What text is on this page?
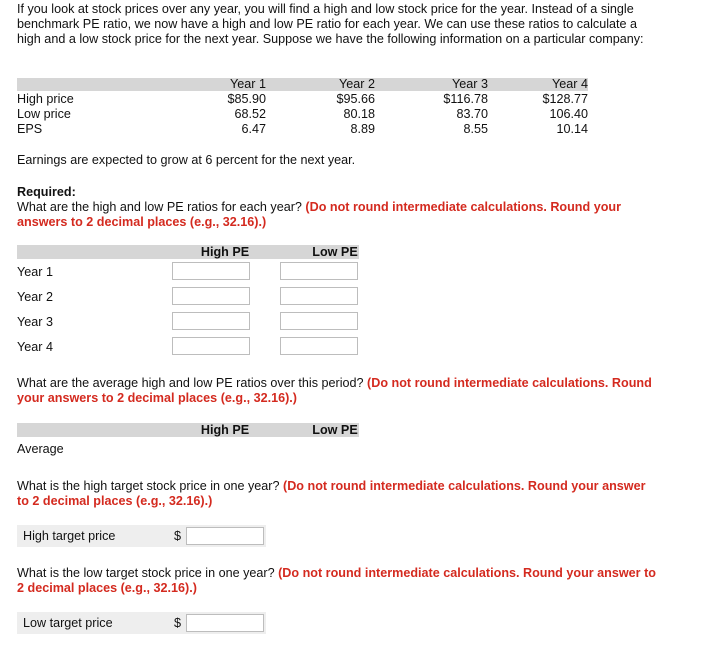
If you look at stock prices over any year, you will find a high and low stock price for the year. Instead of a single benchmark PE ratio, we now have a high and low PE ratio for each year. We can use these ratios to calculate a high and a low stock price for the next year. Suppose we have the following information on a particular company:
Year 1	Year 2	Year 3	Year 4
High price	$85.90	$95.66	$116.78	$128.77
Low price	68.52	80.18	83.70	106.40
EPS	6.47	8.89	8.55	10.14
Earnings are expected to grow at 6 percent for the next year.
Required:
What are the high and low PE ratios for each year? (Do not round intermediate calculations. Round your answers to 2 decimal places (e.g., 32.16).)
High PE	Low PE
Year 1
Year 2
Year 3
Year 4
What are the average high and low PE ratios over this period? (Do not round intermediate calculations. Round your answers to 2 decimal places (e.g., 32.16).)
High PE	Low PE
Average
What is the high target stock price in one year? (Do not round intermediate calculations. Round your answer to 2 decimal places (e.g., 32.16).)
High target price	$
What is the low target stock price in one year? (Do not round intermediate calculations. Round your answer to 2 decimal places (e.g., 32.16).)
Low target price	$
